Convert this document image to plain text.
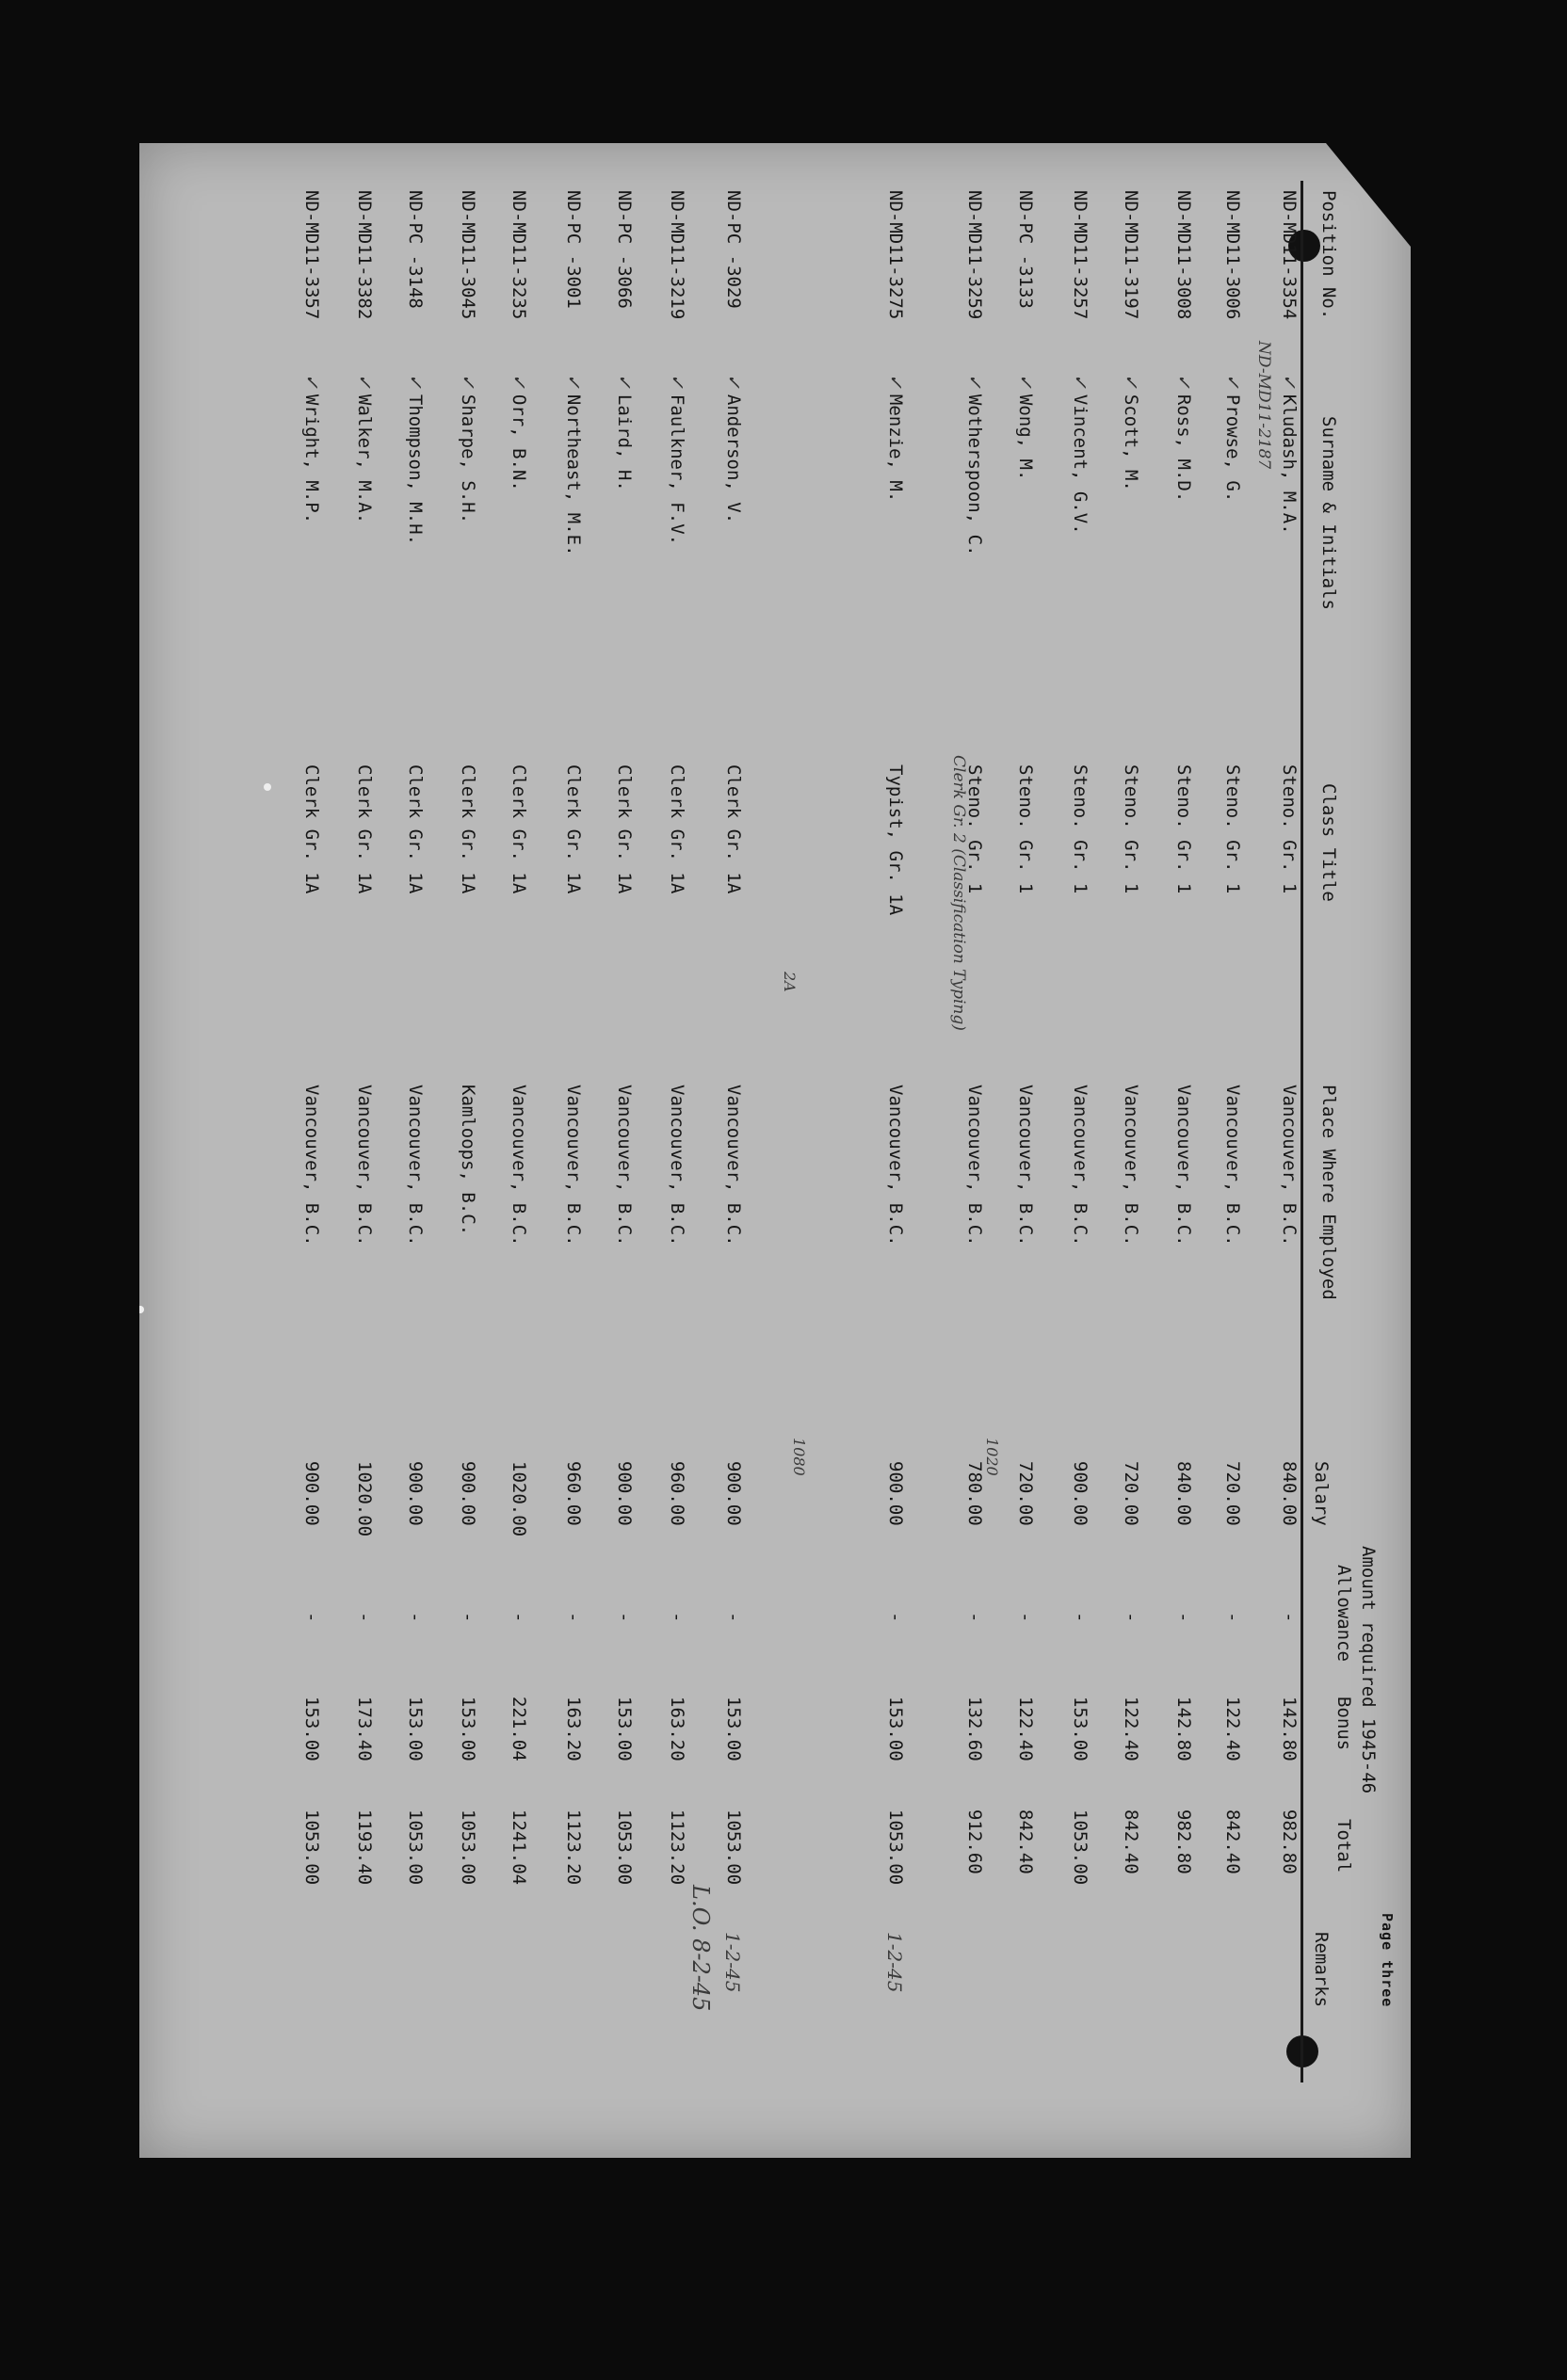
Page three
Position No.
Surname & Initials
Class Title
Place Where Employed
Amount required 1945-46
Salary
Allowance
Bonus
Total
Remarks
ND-MD11-3354
✓Kludash, M.A.
Steno. Gr. 1
Vancouver, B.C.
840.00
-
142.80
982.80
ND-MD11-3006
✓Prowse, G.
Steno. Gr. 1
Vancouver, B.C.
720.00
-
122.40
842.40
ND-MD11-3008
✓Ross, M.D.
Steno. Gr. 1
Vancouver, B.C.
840.00
-
142.80
982.80
ND-MD11-3197
✓Scott, M.
Steno. Gr. 1
Vancouver, B.C.
720.00
-
122.40
842.40
ND-MD11-3257
✓Vincent, G.V.
Steno. Gr. 1
Vancouver, B.C.
900.00
-
153.00
1053.00
ND-PC -3133
✓Wong, M.
Steno. Gr. 1
Vancouver, B.C.
720.00
-
122.40
842.40
ND-MD11-3259
✓Wotherspoon, C.
Steno. Gr. 1
Vancouver, B.C.
780.00
-
132.60
912.60
ND-MD11-3275
✓Menzie, M.
Typist, Gr. 1A
Vancouver, B.C.
900.00
-
153.00
1053.00
1-2-45
ND-PC -3029
✓Anderson, V.
Clerk Gr. 1A
Vancouver, B.C.
900.00
-
153.00
1053.00
1-2-45
ND-MD11-3219
✓Faulkner, F.V.
Clerk Gr. 1A
Vancouver, B.C.
960.00
-
163.20
1123.20
ND-PC -3066
✓Laird, H.
Clerk Gr. 1A
Vancouver, B.C.
900.00
-
153.00
1053.00
ND-PC -3001
✓Northeast, M.E.
Clerk Gr. 1A
Vancouver, B.C.
960.00
-
163.20
1123.20
ND-MD11-3235
✓Orr, B.N.
Clerk Gr. 1A
Vancouver, B.C.
1020.00
-
221.04
1241.04
ND-MD11-3045
✓Sharpe, S.H.
Clerk Gr. 1A
Kamloops, B.C.
900.00
-
153.00
1053.00
ND-PC -3148
✓Thompson, M.H.
Clerk Gr. 1A
Vancouver, B.C.
900.00
-
153.00
1053.00
ND-MD11-3382
✓Walker, M.A.
Clerk Gr. 1A
Vancouver, B.C.
1020.00
-
173.40
1193.40
ND-MD11-3357
✓Wright, M.P.
Clerk Gr. 1A
Vancouver, B.C.
900.00
-
153.00
1053.00
ND-MD11-2187
Clerk Gr. 2 (Classification Typing)
1020
1080
2A
L.O. 8-2-45
